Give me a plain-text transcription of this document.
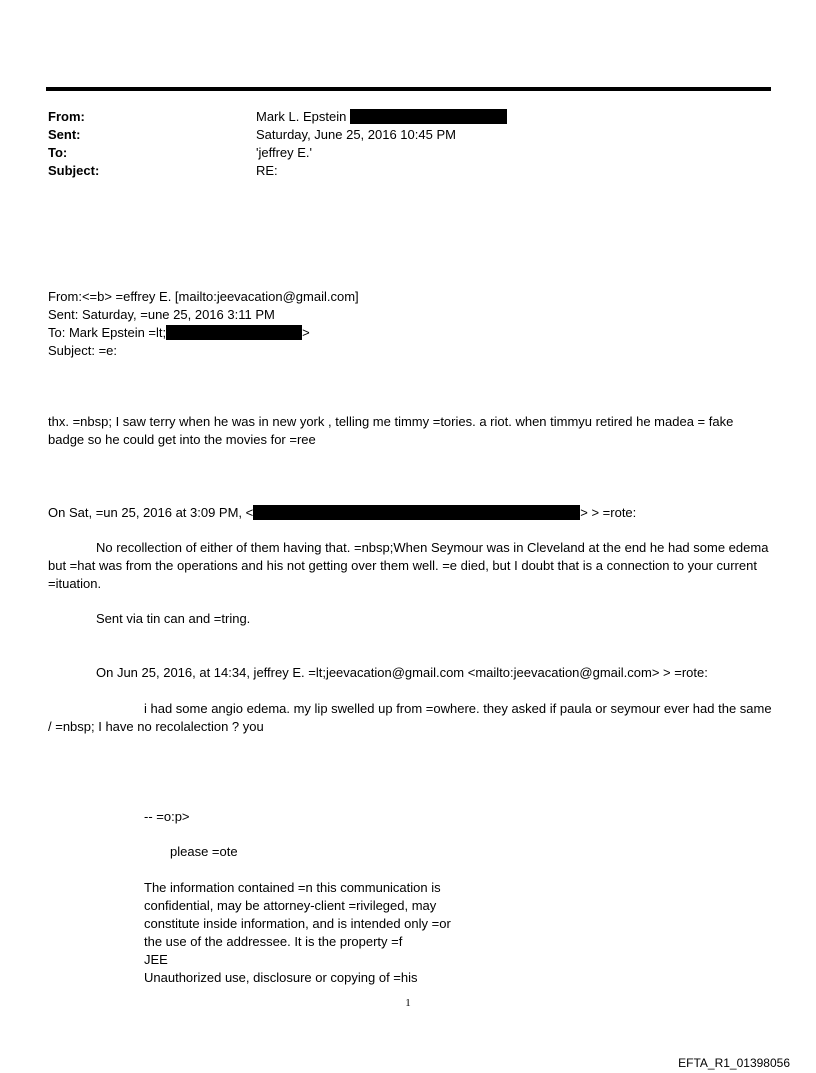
From:	Mark L. Epstein
Sent:	Saturday, June 25, 2016 10:45 PM
To:	'jeffrey E.'
Subject:	RE:
From:<=b> =effrey E. [mailto:jeevacation@gmail.com]
Sent: Saturday, =une 25, 2016 3:11 PM
To: Mark Epstein =lt;	>
Subject: =e:
thx. =nbsp; I saw terry when he was in new york , telling me timmy =tories. a riot. when timmyu retired he madea = fake badge so he could get into the movies for =ree
On Sat, =un 25, 2016 at 3:09 PM, <	> > =rote:
No recollection of either of them having that. =nbsp;When Seymour was in Cleveland at the end he had some edema but =hat was from the operations and his not getting over them well. =e died, but I doubt that is a connection to your current =ituation.
Sent via tin can and =tring.
On Jun 25, 2016, at 14:34, jeffrey E. =lt;jeevacation@gmail.com <mailto:jeevacation@gmail.com> > =rote:
i had some angio edema. my lip swelled up from =owhere. they asked if paula or seymour ever had the same / =nbsp; I have no recolalection ? you
-- =o:p>
please =ote
The information contained =n this communication is
confidential, may be attorney-client =rivileged, may
constitute inside information, and is intended only =or
the use of the addressee. It is the property =f
JEE
Unauthorized use, disclosure or copying of =his
1
EFTA_R1_01398056
